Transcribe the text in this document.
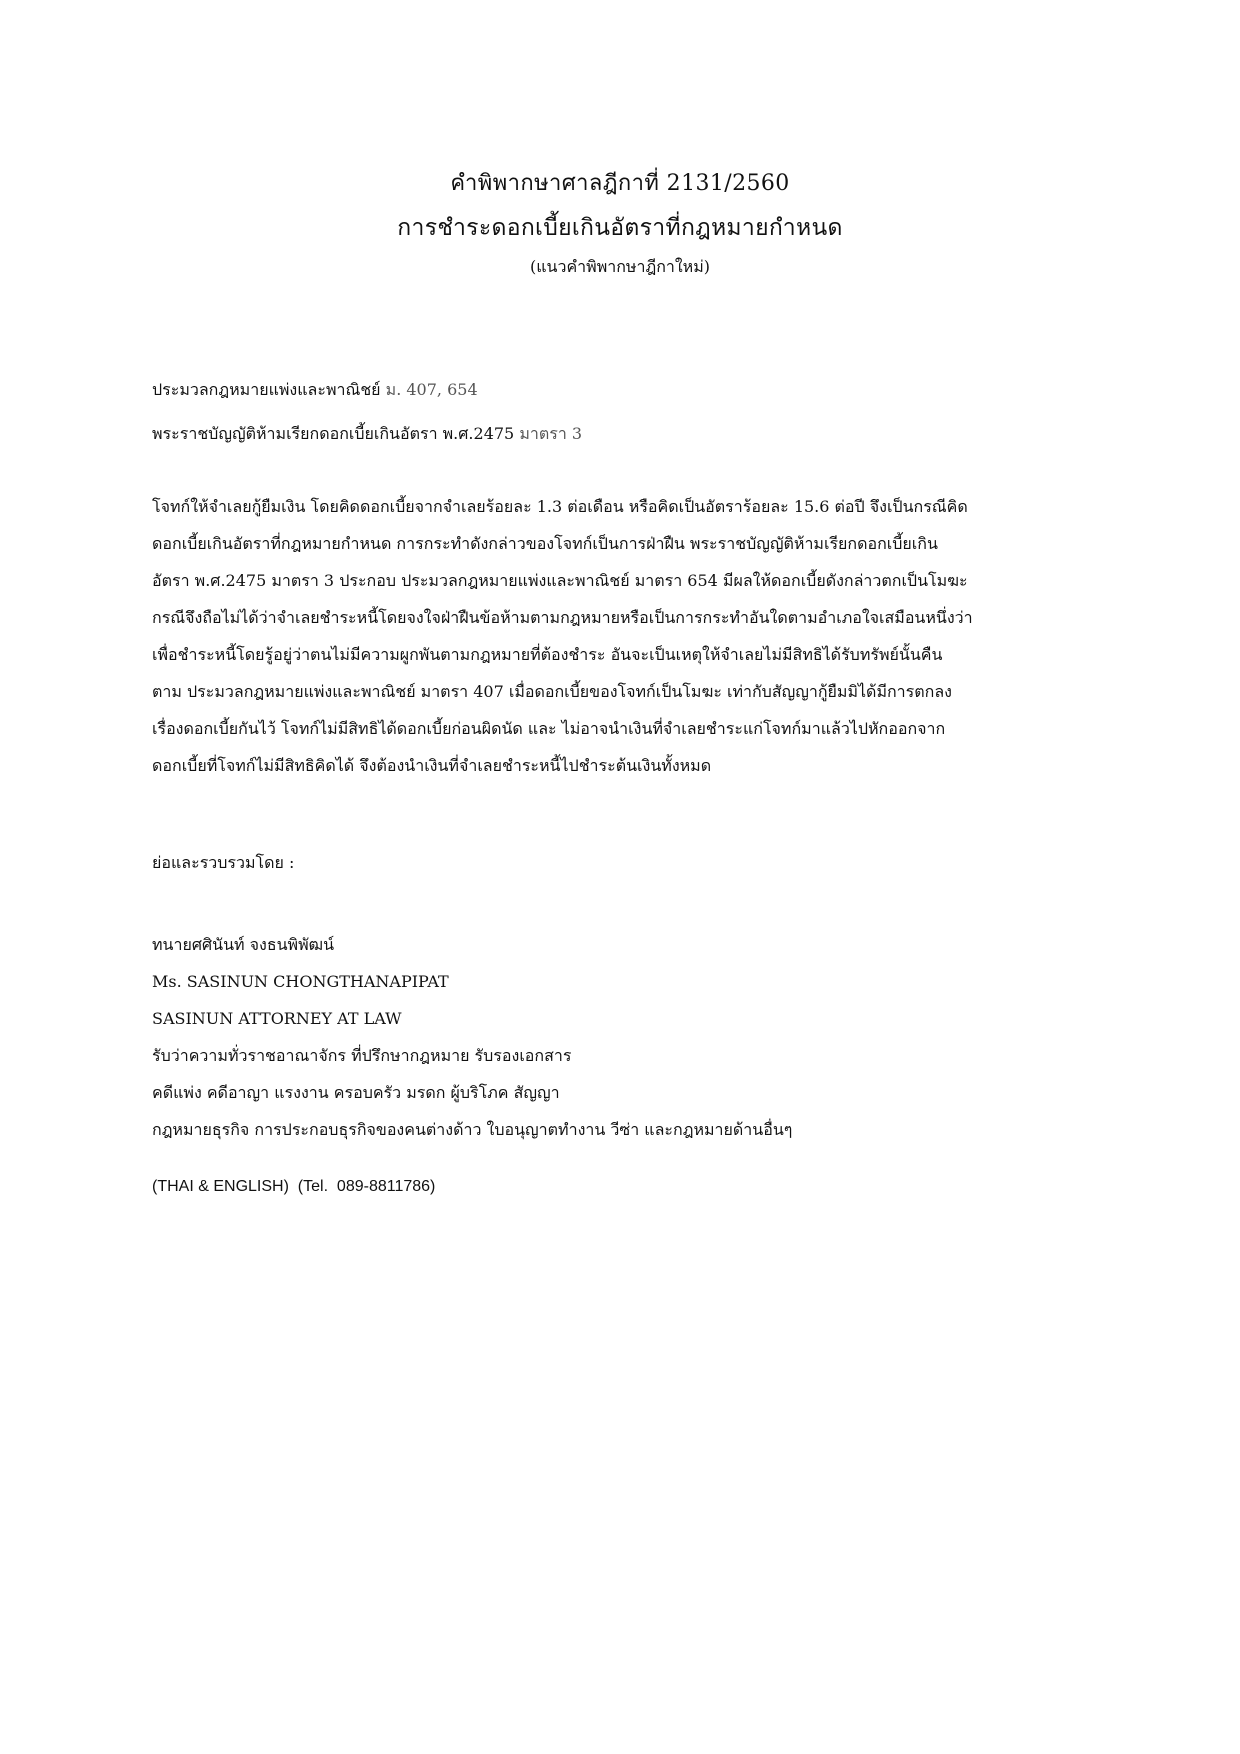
คำพิพากษาศาลฎีกาที่ 2131/2560
การชำระดอกเบี้ยเกินอัตราที่กฎหมายกำหนด
(แนวคำพิพากษาฎีกาใหม่)
ประมวลกฎหมายแพ่งและพาณิชย์ ม. 407, 654
พระราชบัญญัติห้ามเรียกดอกเบี้ยเกินอัตรา พ.ศ.2475 มาตรา 3
โจทก์ให้จำเลยกู้ยืมเงิน โดยคิดดอกเบี้ยจากจำเลยร้อยละ 1.3 ต่อเดือน หรือคิดเป็นอัตราร้อยละ 15.6 ต่อปี จึงเป็นกรณีคิด
ดอกเบี้ยเกินอัตราที่กฎหมายกำหนด การกระทำดังกล่าวของโจทก์เป็นการฝ่าฝืน พระราชบัญญัติห้ามเรียกดอกเบี้ยเกิน
อัตรา พ.ศ.2475 มาตรา 3 ประกอบ ประมวลกฎหมายแพ่งและพาณิชย์ มาตรา 654 มีผลให้ดอกเบี้ยดังกล่าวตกเป็นโมฆะ
กรณีจึงถือไม่ได้ว่าจำเลยชำระหนี้โดยจงใจฝ่าฝืนข้อห้ามตามกฎหมายหรือเป็นการกระทำอันใดตามอำเภอใจเสมือนหนึ่งว่า
เพื่อชำระหนี้โดยรู้อยู่ว่าตนไม่มีความผูกพันตามกฎหมายที่ต้องชำระ อันจะเป็นเหตุให้จำเลยไม่มีสิทธิได้รับทรัพย์นั้นคืน
ตาม ประมวลกฎหมายแพ่งและพาณิชย์ มาตรา 407 เมื่อดอกเบี้ยของโจทก์เป็นโมฆะ เท่ากับสัญญากู้ยืมมิได้มีการตกลง
เรื่องดอกเบี้ยกันไว้ โจทก์ไม่มีสิทธิได้ดอกเบี้ยก่อนผิดนัด และ ไม่อาจนำเงินที่จำเลยชำระแก่โจทก์มาแล้วไปหักออกจาก
ดอกเบี้ยที่โจทก์ไม่มีสิทธิคิดได้ จึงต้องนำเงินที่จำเลยชำระหนี้ไปชำระต้นเงินทั้งหมด
ย่อและรวบรวมโดย :
ทนายศศินันท์ จงธนพิพัฒน์
Ms. SASINUN CHONGTHANAPIPAT
SASINUN ATTORNEY AT LAW
รับว่าความทั่วราชอาณาจักร ที่ปรึกษากฎหมาย รับรองเอกสาร
คดีแพ่ง คดีอาญา แรงงาน ครอบครัว มรดก ผู้บริโภค สัญญา
กฎหมายธุรกิจ การประกอบธุรกิจของคนต่างด้าว ใบอนุญาตทำงาน วีซ่า และกฎหมายด้านอื่นๆ
(THAI & ENGLISH)  (Tel.  089-8811786)
